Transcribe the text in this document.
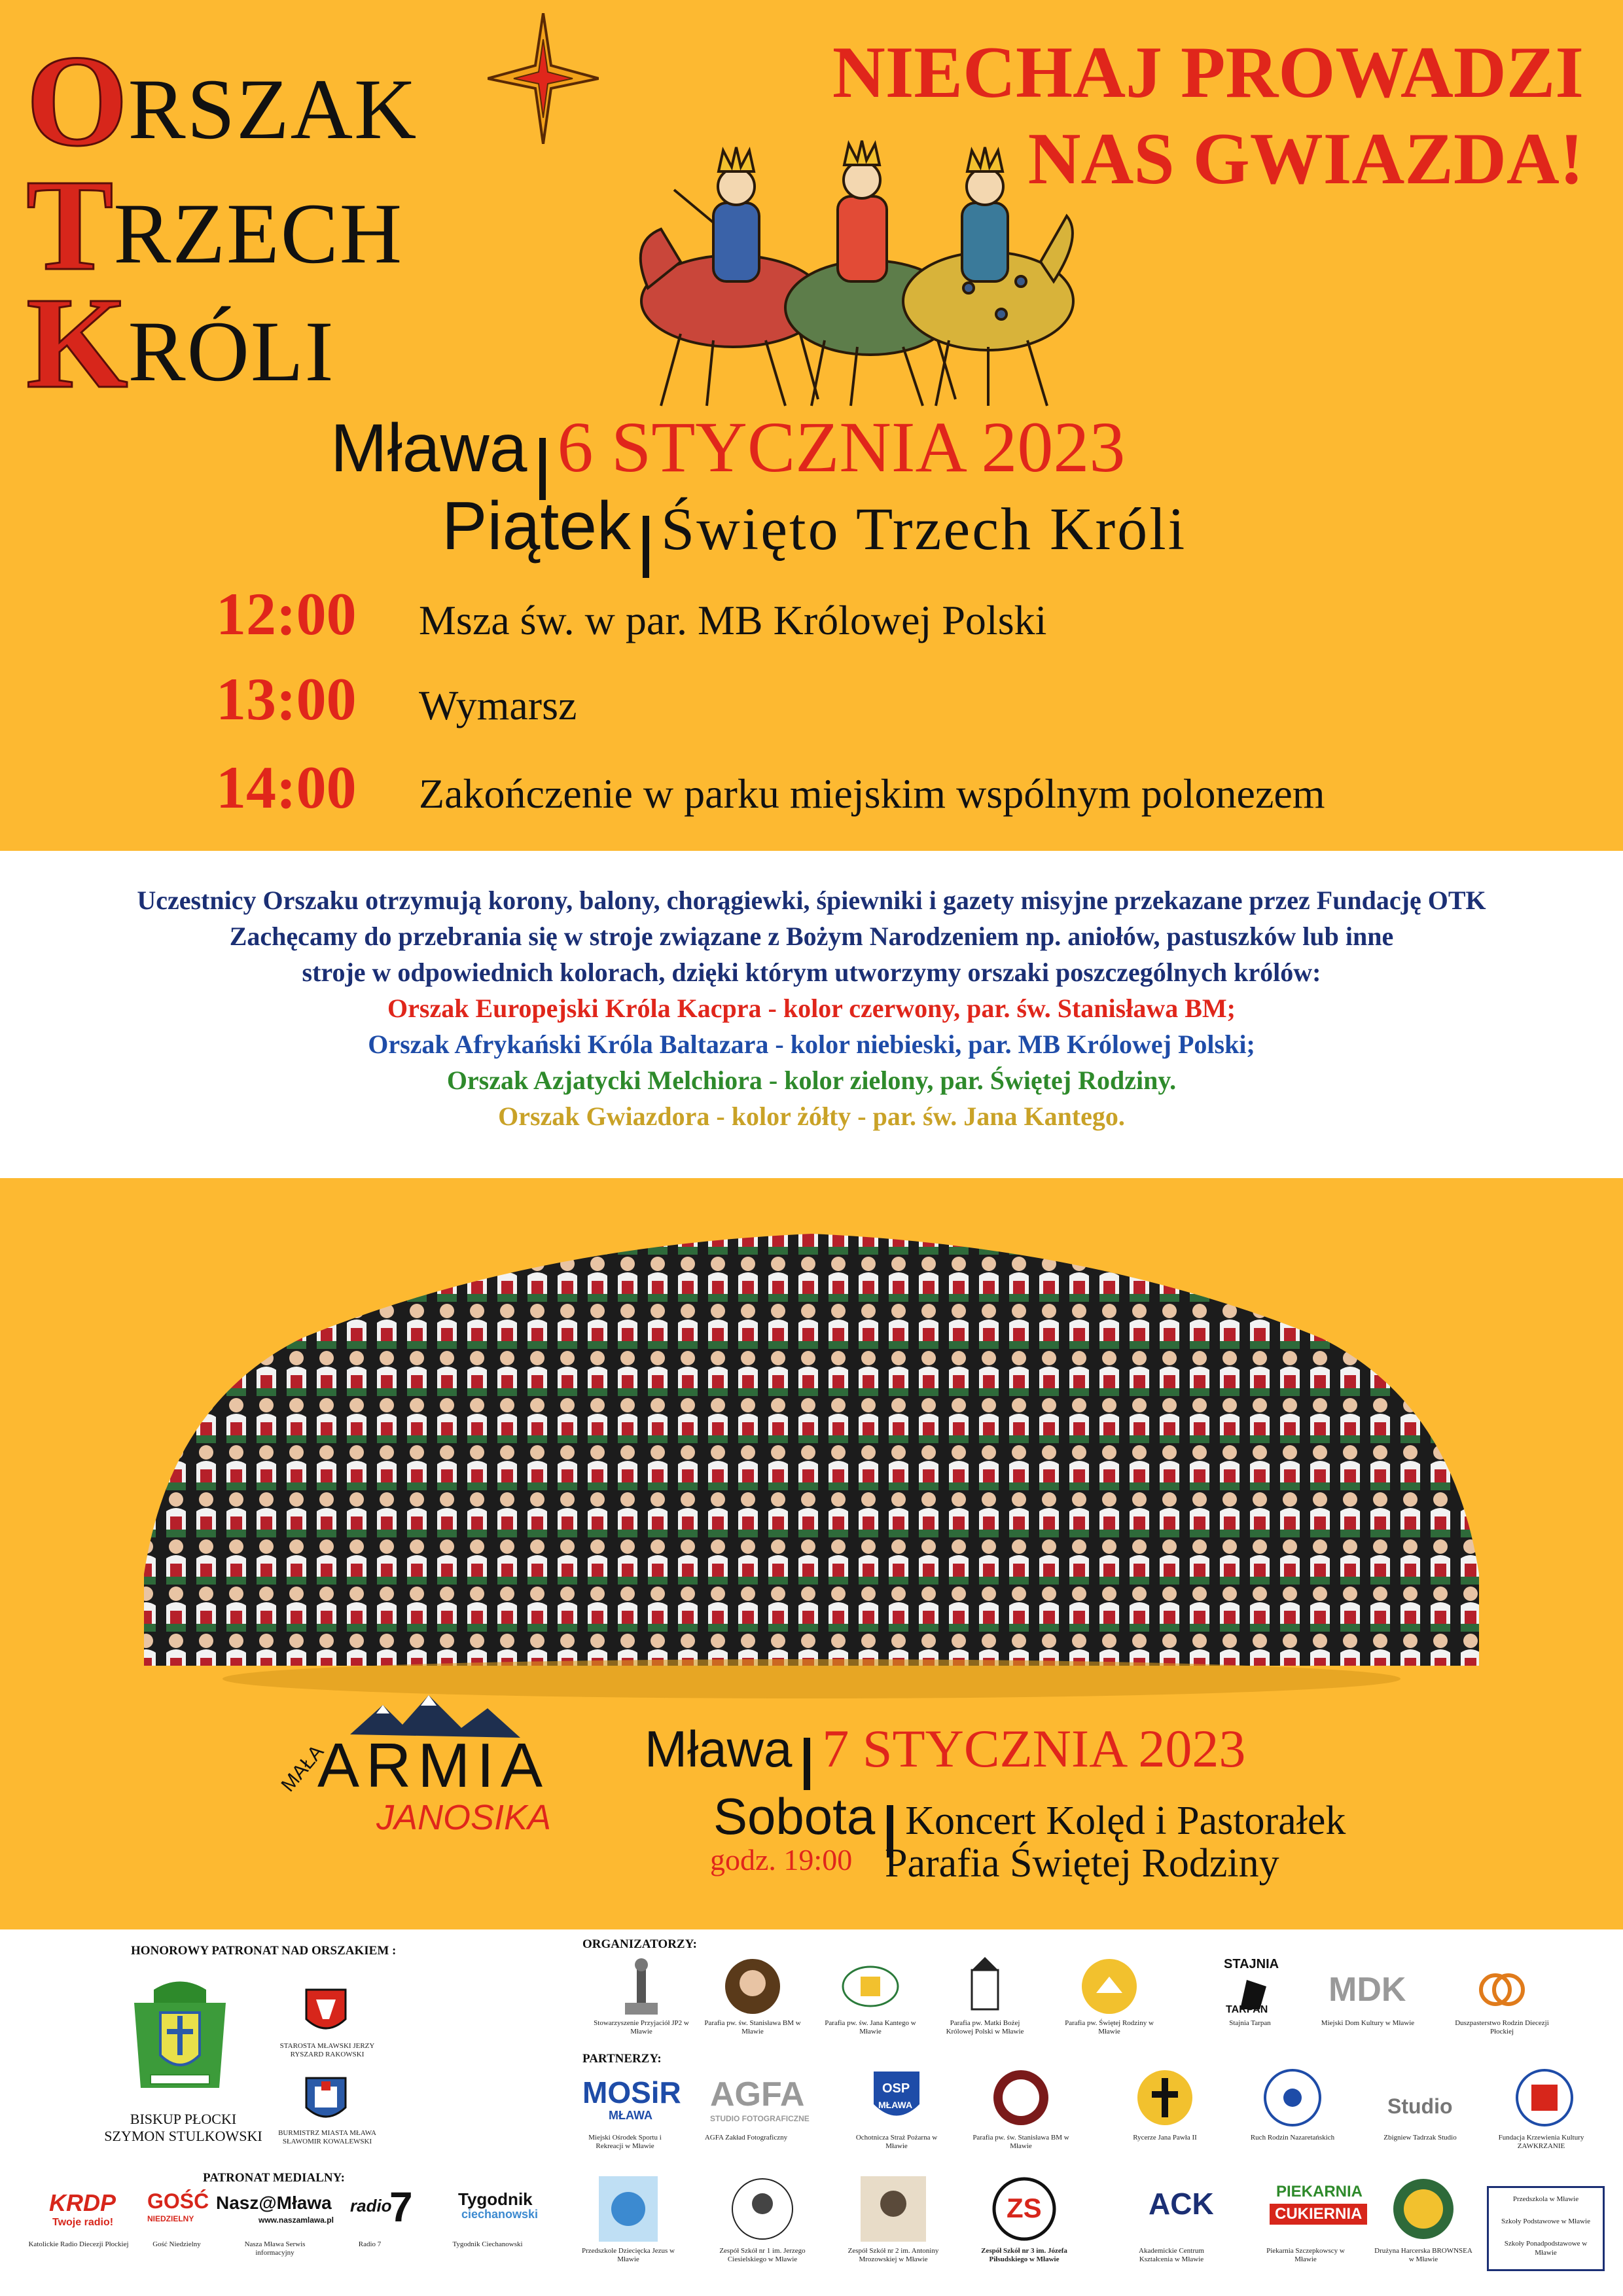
ORSZAK
TRZECH
KRÓLI
NIECHAJ PROWADZI
NAS GWIAZDA!
Mława 6 STYCZNIA 2023
Piątek Święto Trzech Króli
12:00 Msza św. w par. MB Królowej Polski
13:00 Wymarsz
14:00 Zakończenie w parku miejskim wspólnym polonezem
Uczestnicy Orszaku otrzymują korony, balony, chorągiewki, śpiewniki i gazety misyjne przekazane przez Fundację OTK
Zachęcamy do przebrania się w stroje związane z Bożym Narodzeniem np. aniołów, pastuszków lub inne
stroje w odpowiednich kolorach, dzięki którym utworzymy orszaki poszczególnych królów:
Orszak Europejski Króla Kacpra - kolor czerwony, par. św. Stanisława BM;
Orszak Afrykański Króla Baltazara - kolor niebieski, par. MB Królowej Polski;
Orszak Azjatycki Melchiora - kolor zielony, par. Świętej Rodziny.
Orszak Gwiazdora - kolor żółty - par. św. Jana Kantego.
MAŁA
ARMIA
JANOSIKA
Mława 7 STYCZNIA 2023
Sobota Koncert Kolęd i Pastorałek
Parafia Świętej Rodziny
godz. 19:00
HONOROWY PATRONAT NAD ORSZAKIEM :	ORGANIZATORZY:
PARTNERZY:
PATRONAT MEDIALNY:
BISKUP PŁOCKI
SZYMON STULKOWSKI
STAROSTA MŁAWSKI JERZY RYSZARD RAKOWSKI
BURMISTRZ MIASTA MŁAWA SŁAWOMIR KOWALEWSKI
Stowarzyszenie Przyjaciół JP2 w Mławie
Parafia pw. św. Stanisława BM w Mławie
Parafia pw. św. Jana Kantego w Mławie
Parafia pw. Matki Bożej Królowej Polski w Mławie
Parafia pw. Świętej Rodziny w Mławie
STAJNIA
TARPAN
Stajnia Tarpan
MDK
Miejski Dom Kultury w Mławie	Duszpasterstwo Rodzin Diecezji Płockiej
MOSiR
MŁAWA
Miejski Ośrodek Sportu i Rekreacji w Mławie
AGFA
STUDIO FOTOGRAFICZNE
AGFA Zakład Fotograficzny
OSP
MŁAWA
Ochotnicza Straż Pożarna w Mławie
Parafia pw. św. Stanisława BM w Mławie
Rycerze Jana Pawła II	Ruch Rodzin Nazaretańskich
Studio
Zbigniew Tadrzak Studio	Fundacja Krzewienia Kultury ZAWKRZANIE
Przedszkole Dziecięcka Jezus w Mławie
Zespół Szkół nr 1 im. Jerzego Ciesielskiego w Mławie
Zespół Szkół nr 2 im. Antoniny Mrozowskiej w Mławie
ZS
Zespół Szkół nr 3 im. Józefa Piłsudskiego w Mławie
ACK
Akademickie Centrum Kształcenia w Mławie
PIEKARNIA
CUKIERNIA
Piekarnia Szczepkowscy w Mławie
Drużyna Harcerska BROWNSEA w Mławie
Przedszkola w Mławie
Szkoły Podstawowe w Mławie
Szkoły Ponadpodstawowe w Mławie
KRDP
Twoje radio!
Katolickie Radio Diecezji Płockiej
GOŚĆ
NIEDZIELNY
Gość Niedzielny
Nasz@Mława
www.naszamlawa.pl
Nasza Mława Serwis informacyjny
radio
7
Radio 7
Tygodnik
ciechanowski
Tygodnik Ciechanowski
